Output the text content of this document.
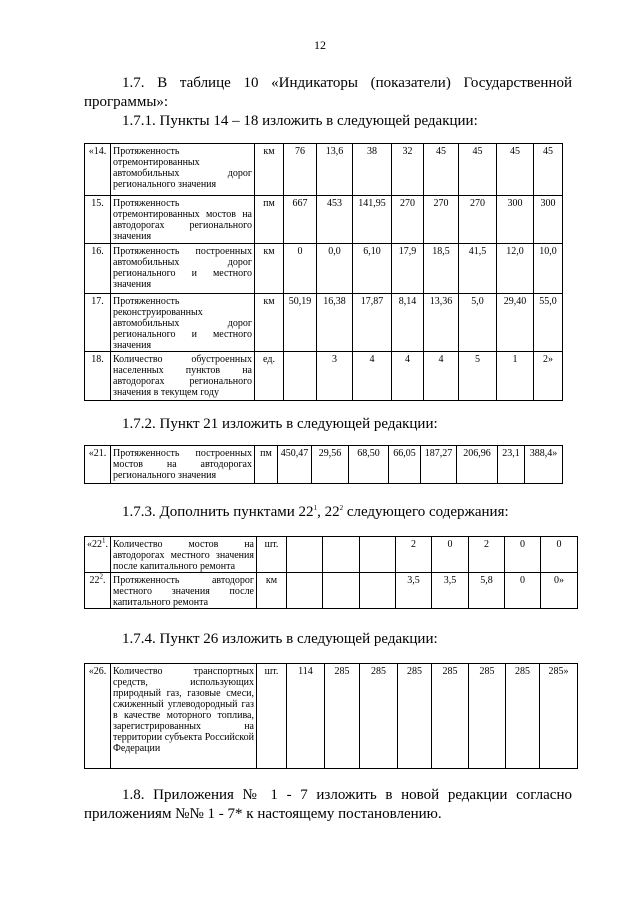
12

1.7. В таблице 10 «Индикаторы (показатели) Государственной программы»:

1.7.1. Пункты 14 – 18 изложить в следующей редакции:

«14.	Протяженность отремонтированных автомобильных дорог регионального значения	км	76	13,6	38	32	45	45	45	45
15.	Протяженность отремонтированных мостов на автодорогах регионального значения	пм	667	453	141,95	270	270	270	300	300
16.	Протяженность построенных автомобильных дорог регионального и местного значения	км	0	0,0	6,10	17,9	18,5	41,5	12,0	10,0
17.	Протяженность реконструированных автомобильных дорог регионального и местного значения	км	50,19	16,38	17,87	8,14	13,36	5,0	29,40	55,0
18.	Количество обустроенных населенных пунктов на автодорогах регионального значения в текущем году	ед.		3	4	4	4	5	1	2»

1.7.2. Пункт 21 изложить в следующей редакции:

«21.	Протяженность построенных мостов на автодорогах регионального значения	пм	450,47	29,56	68,50	66,05	187,27	206,96	23,1	388,4»

1.7.3. Дополнить пунктами $22^1$, $22^2$ следующего содержания:

«$22^1$.	Количество мостов на автодорогах местного значения после капитального ремонта	шт.				2	0	2	0	0
$22^2$.	Протяженность автодорог местного значения после капитального ремонта	км				3,5	3,5	5,8	0	0»

1.7.4. Пункт 26 изложить в следующей редакции:

«26.	Количество транспортных средств, использующих природный газ, газовые смеси, сжиженный углеводородный газ в качестве моторного топлива, зарегистрированных на территории субъекта Российской Федерации	шт.	114	285	285	285	285	285	285	285»

1.8. Приложения № 1 - 7 изложить в новой редакции согласно приложениям №№ 1 - 7* к настоящему постановлению.
